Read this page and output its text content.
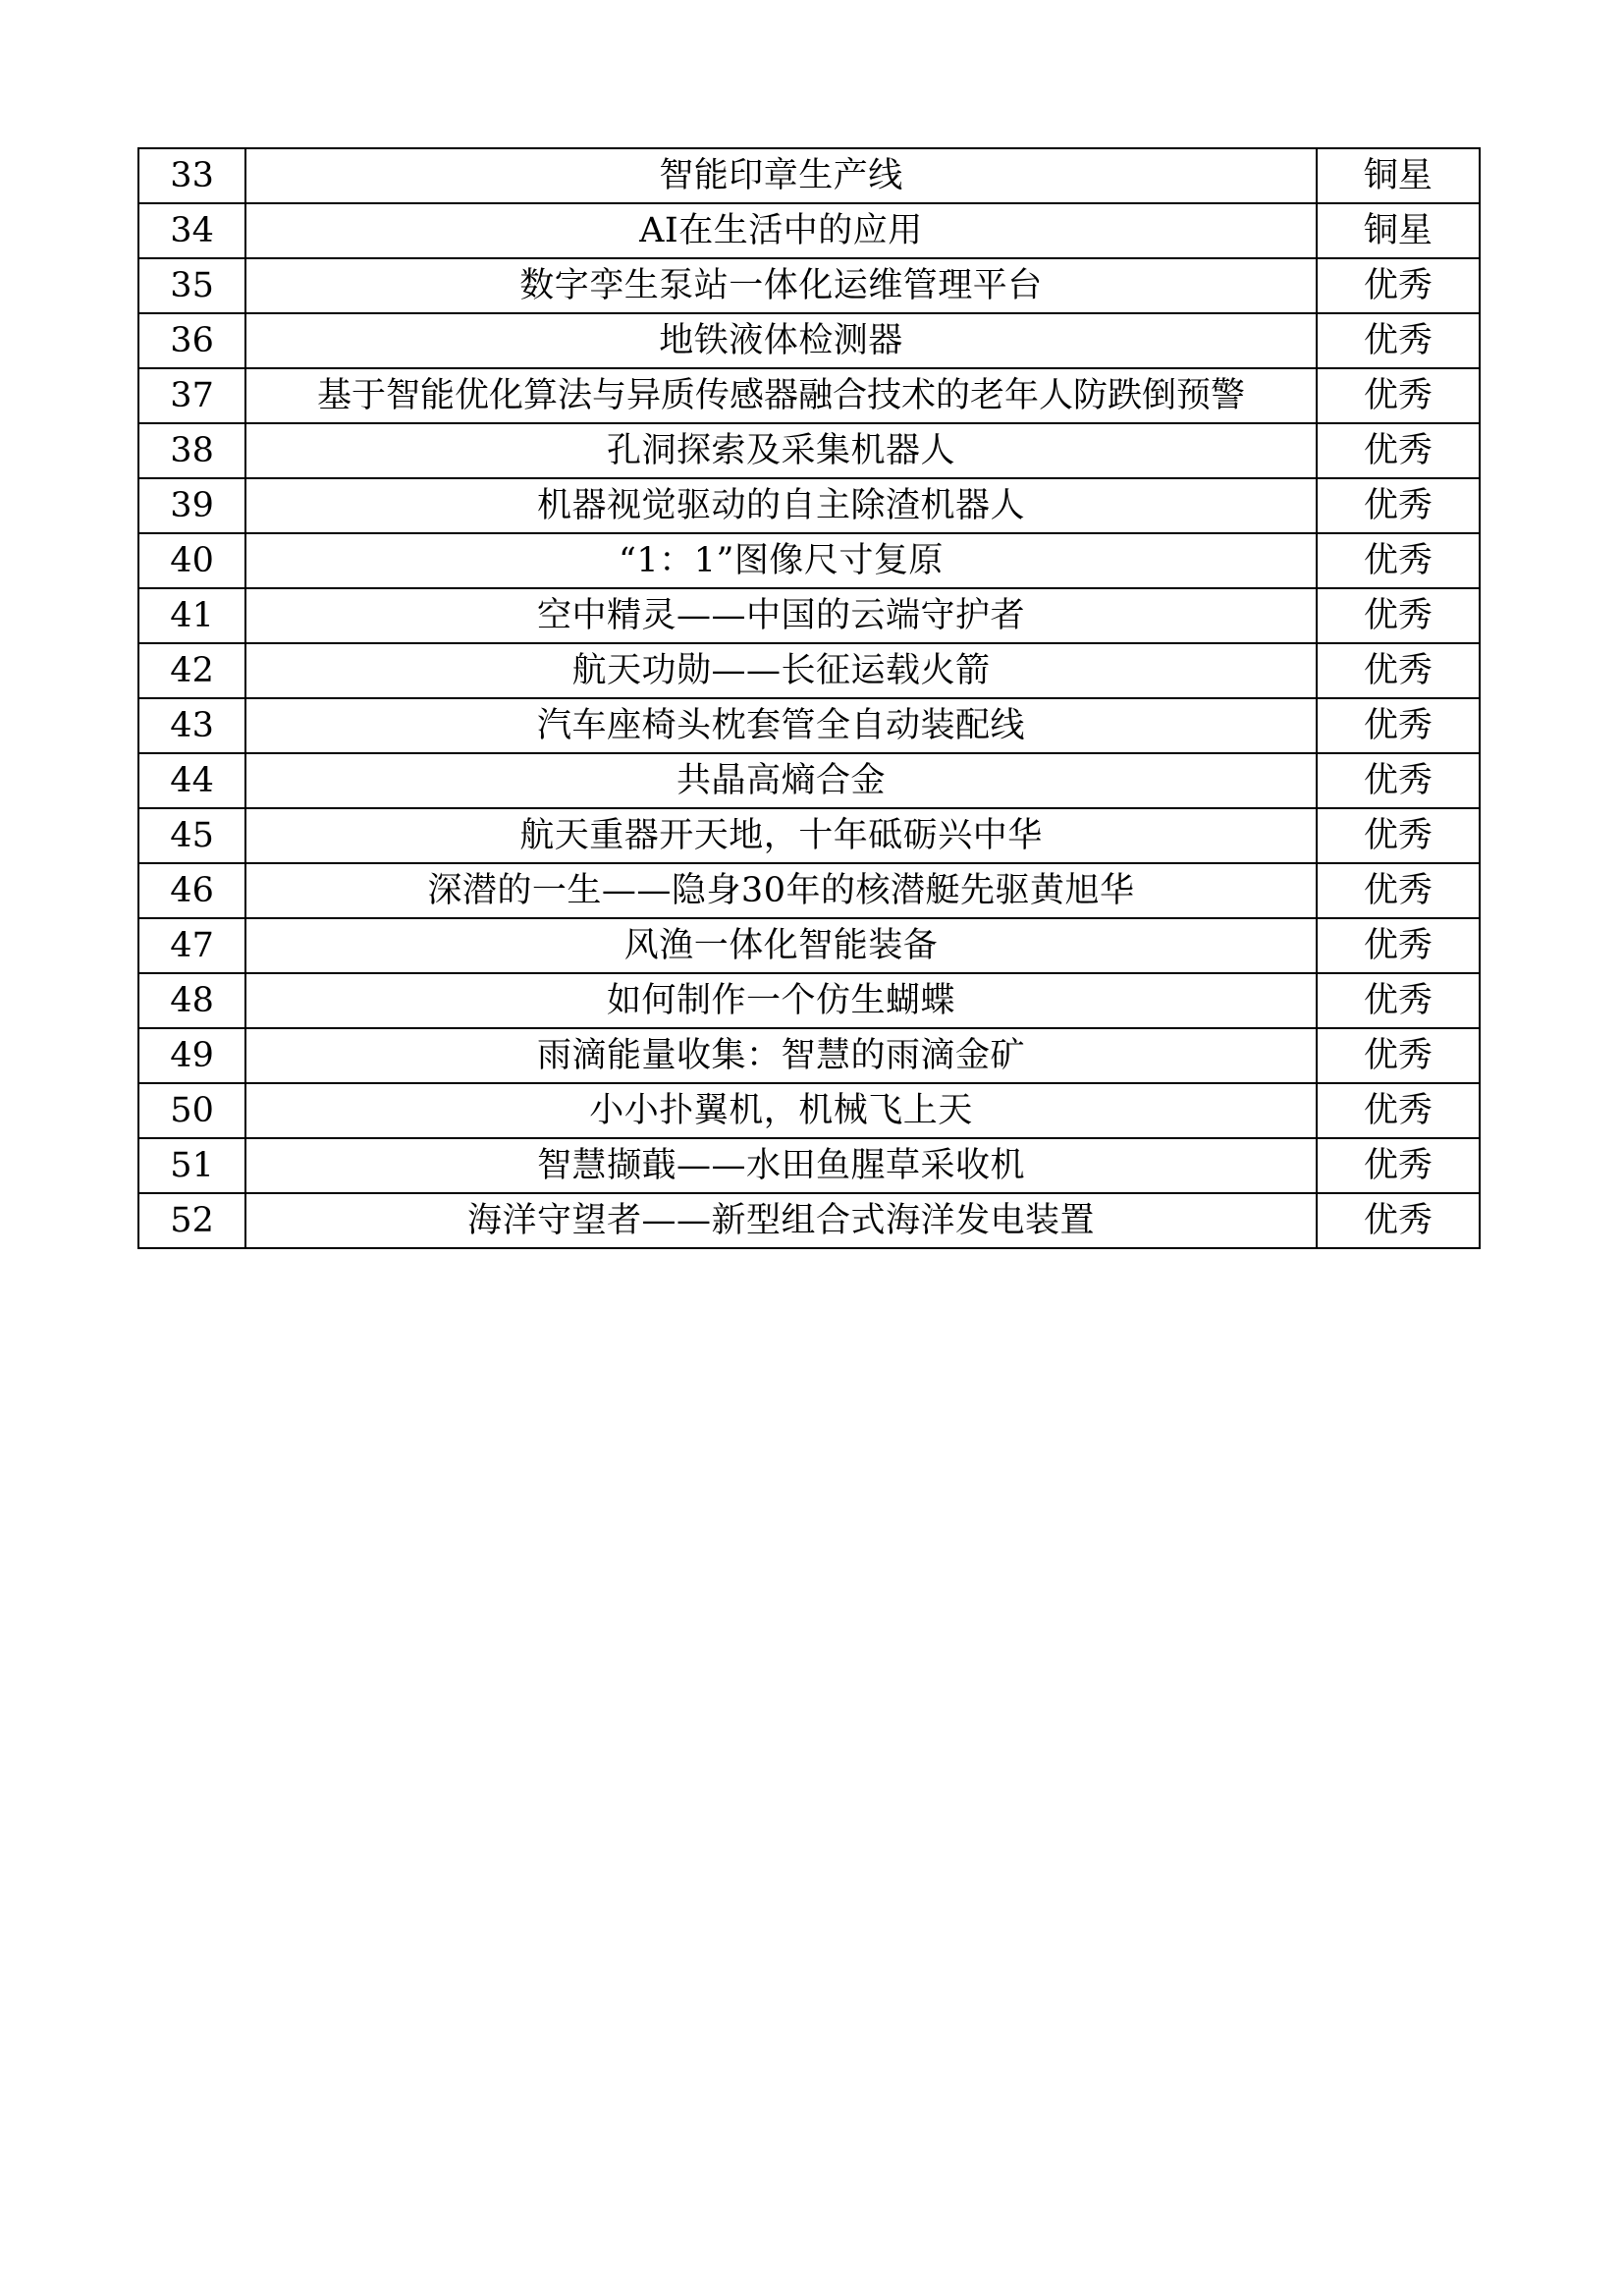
33	智能印章生产线	铜星
34	AI在生活中的应用	铜星
35	数字孪生泵站一体化运维管理平台	优秀
36	地铁液体检测器	优秀
37	基于智能优化算法与异质传感器融合技术的老年人防跌倒预警	优秀
38	孔洞探索及采集机器人	优秀
39	机器视觉驱动的自主除渣机器人	优秀
40	“1：1”图像尺寸复原	优秀
41	空中精灵——中国的云端守护者	优秀
42	航天功勋——长征运载火箭	优秀
43	汽车座椅头枕套管全自动装配线	优秀
44	共晶高熵合金	优秀
45	航天重器开天地，十年砥砺兴中华	优秀
46	深潜的一生——隐身30年的核潜艇先驱黄旭华	优秀
47	风渔一体化智能装备	优秀
48	如何制作一个仿生蝴蝶	优秀
49	雨滴能量收集：智慧的雨滴金矿	优秀
50	小小扑翼机，机械飞上天	优秀
51	智慧撷蕺——水田鱼腥草采收机	优秀
52	海洋守望者——新型组合式海洋发电装置	优秀
